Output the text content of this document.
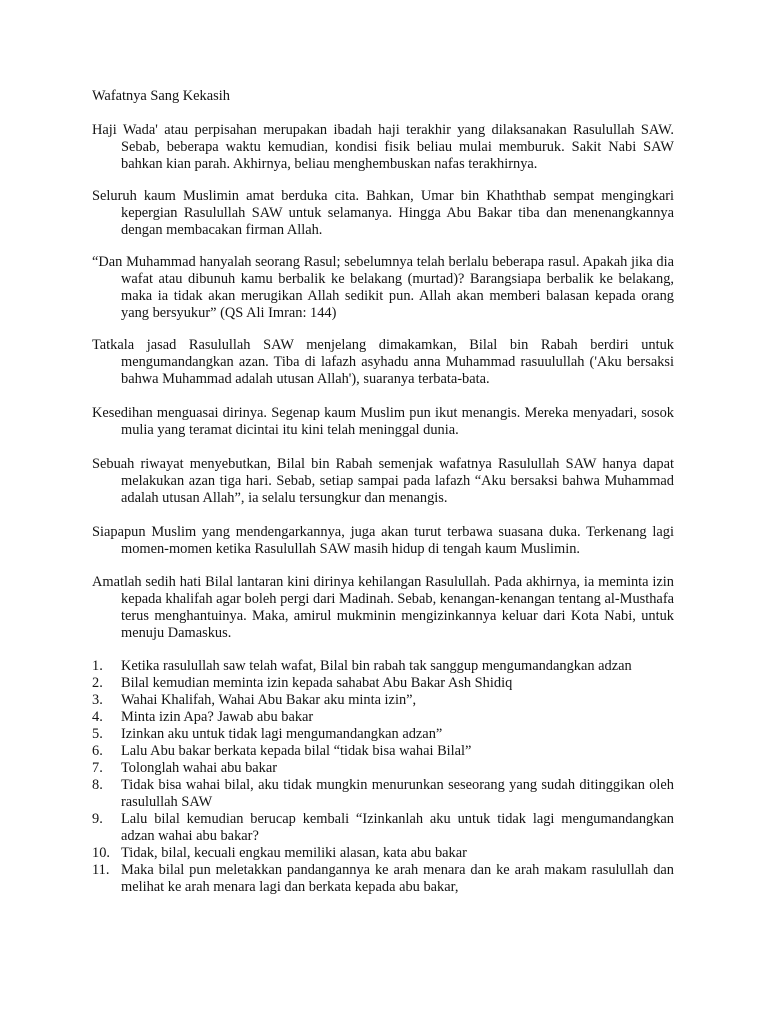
Wafatnya Sang Kekasih

Haji Wada' atau perpisahan merupakan ibadah haji terakhir yang dilaksanakan Rasulullah SAW. Sebab, beberapa waktu kemudian, kondisi fisik beliau mulai memburuk. Sakit Nabi SAW bahkan kian parah. Akhirnya, beliau menghembuskan nafas terakhirnya.

Seluruh kaum Muslimin amat berduka cita. Bahkan, Umar bin Khaththab sempat mengingkari kepergian Rasulullah SAW untuk selamanya. Hingga Abu Bakar tiba dan menenangkannya dengan membacakan firman Allah.

“Dan Muhammad hanyalah seorang Rasul; sebelumnya telah berlalu beberapa rasul. Apakah jika dia wafat atau dibunuh kamu berbalik ke belakang (murtad)? Barangsiapa berbalik ke belakang, maka ia tidak akan merugikan Allah sedikit pun. Allah akan memberi balasan kepada orang yang bersyukur” (QS Ali Imran: 144)

Tatkala jasad Rasulullah SAW menjelang dimakamkan, Bilal bin Rabah berdiri untuk mengumandangkan azan. Tiba di lafazh asyhadu anna Muhammad rasuulullah ('Aku bersaksi bahwa Muhammad adalah utusan Allah'), suaranya terbata-bata.

Kesedihan menguasai dirinya. Segenap kaum Muslim pun ikut menangis. Mereka menyadari, sosok mulia yang teramat dicintai itu kini telah meninggal dunia.

Sebuah riwayat menyebutkan, Bilal bin Rabah semenjak wafatnya Rasulullah SAW hanya dapat melakukan azan tiga hari. Sebab, setiap sampai pada lafazh “Aku bersaksi bahwa Muhammad adalah utusan Allah”, ia selalu tersungkur dan menangis.

Siapapun Muslim yang mendengarkannya, juga akan turut terbawa suasana duka. Terkenang lagi momen-momen ketika Rasulullah SAW masih hidup di tengah kaum Muslimin.

Amatlah sedih hati Bilal lantaran kini dirinya kehilangan Rasulullah. Pada akhirnya, ia meminta izin kepada khalifah agar boleh pergi dari Madinah. Sebab, kenangan-kenangan tentang al-Musthafa terus menghantuinya. Maka, amirul mukminin mengizinkannya keluar dari Kota Nabi, untuk menuju Damaskus.

1. Ketika rasulullah saw telah wafat, Bilal bin rabah tak sanggup mengumandangkan adzan
2. Bilal kemudian meminta izin kepada sahabat Abu Bakar Ash Shidiq
3. Wahai Khalifah, Wahai Abu Bakar aku minta izin”,
4. Minta izin Apa? Jawab abu bakar
5. Izinkan aku untuk tidak lagi mengumandangkan adzan”
6. Lalu Abu bakar berkata kepada bilal “tidak bisa wahai Bilal”
7. Tolonglah wahai abu bakar
8. Tidak bisa wahai bilal, aku tidak mungkin menurunkan seseorang yang sudah ditinggikan oleh rasulullah SAW
9. Lalu bilal kemudian berucap kembali “Izinkanlah aku untuk tidak lagi mengumandangkan adzan wahai abu bakar?
10. Tidak, bilal, kecuali engkau memiliki alasan, kata abu bakar
11. Maka bilal pun meletakkan pandangannya ke arah menara dan ke arah makam rasulullah dan melihat ke arah menara lagi dan berkata kepada abu bakar,
